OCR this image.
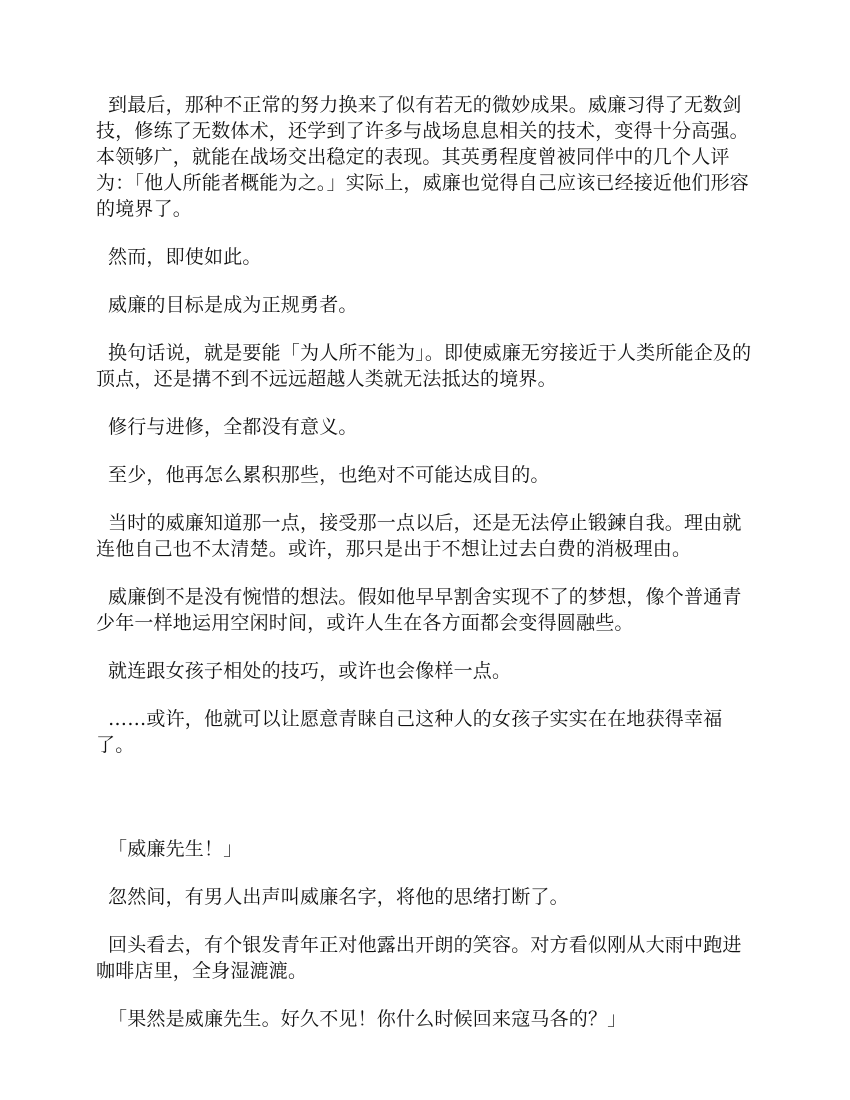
到最后，那种不正常的努力换来了似有若无的微妙成果。威廉习得了无数剑技，修练了无数体术，还学到了许多与战场息息相关的技术，变得十分高强。本领够广，就能在战场交出稳定的表现。其英勇程度曾被同伴中的几个人评为：「他人所能者概能为之。」实际上，威廉也觉得自己应该已经接近他们形容的境界了。

然而，即使如此。

威廉的目标是成为正规勇者。

换句话说，就是要能「为人所不能为」。即使威廉无穷接近于人类所能企及的顶点，还是搆不到不远远超越人类就无法抵达的境界。

修行与进修，全都没有意义。

至少，他再怎么累积那些，也绝对不可能达成目的。

当时的威廉知道那一点，接受那一点以后，还是无法停止锻鍊自我。理由就连他自己也不太清楚。或许，那只是出于不想让过去白费的消极理由。

威廉倒不是没有惋惜的想法。假如他早早割舍实现不了的梦想，像个普通青少年一样地运用空闲时间，或许人生在各方面都会变得圆融些。

就连跟女孩子相处的技巧，或许也会像样一点。

……或许，他就可以让愿意青睐自己这种人的女孩子实实在在地获得幸福了。

「威廉先生！」

忽然间，有男人出声叫威廉名字，将他的思绪打断了。

回头看去，有个银发青年正对他露出开朗的笑容。对方看似刚从大雨中跑进咖啡店里，全身湿漉漉。

「果然是威廉先生。好久不见！你什么时候回来寇马各的？」
